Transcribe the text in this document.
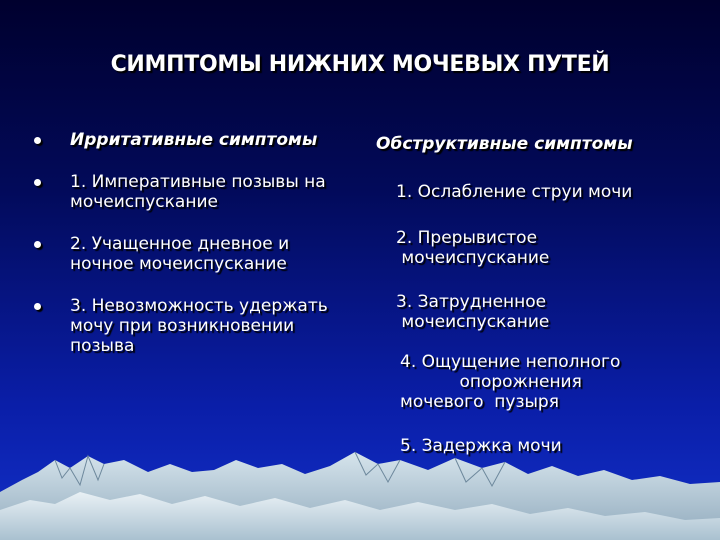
СИМПТОМЫ НИЖНИХ МОЧЕВЫХ ПУТЕЙ
Ирритативные симптомы
1. Императивные позывы на мочеиспускание
2. Учащенное дневное и ночное мочеиспускание
3. Невозможность удержать мочу при возникновении позыва
Обструктивные симптомы
1. Ослабление струи мочи
2. Прерывистое
мочеиспускание
3. Затрудненное
мочеиспускание
4. Ощущение неполного
опорожнения
мочевого  пузыря
5. Задержка мочи
